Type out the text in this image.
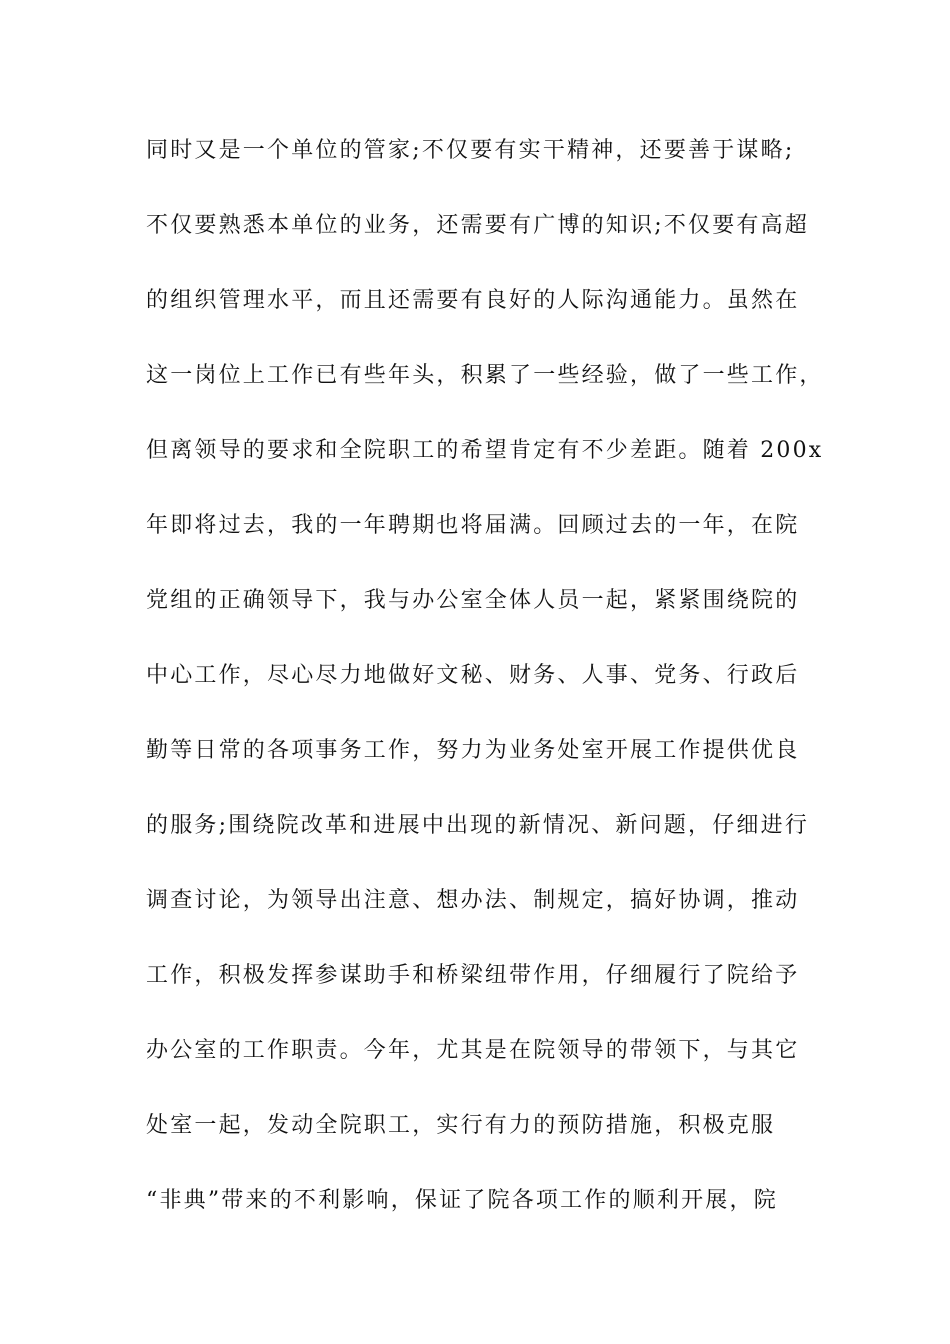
同时又是一个单位的管家;不仅要有实干精神，还要善于谋略;
不仅要熟悉本单位的业务，还需要有广博的知识;不仅要有高超
的组织管理水平，而且还需要有良好的人际沟通能力。虽然在
这一岗位上工作已有些年头，积累了一些经验，做了一些工作，
但离领导的要求和全院职工的希望肯定有不少差距。随着 200x
年即将过去，我的一年聘期也将届满。回顾过去的一年，在院
党组的正确领导下，我与办公室全体人员一起，紧紧围绕院的
中心工作，尽心尽力地做好文秘、财务、人事、党务、行政后
勤等日常的各项事务工作，努力为业务处室开展工作提供优良
的服务;围绕院改革和进展中出现的新情况、新问题，仔细进行
调查讨论，为领导出注意、想办法、制规定，搞好协调，推动
工作，积极发挥参谋助手和桥梁纽带作用，仔细履行了院给予
办公室的工作职责。今年，尤其是在院领导的带领下，与其它
处室一起，发动全院职工，实行有力的预防措施，积极克服
“非典”带来的不利影响，保证了院各项工作的顺利开展，院
